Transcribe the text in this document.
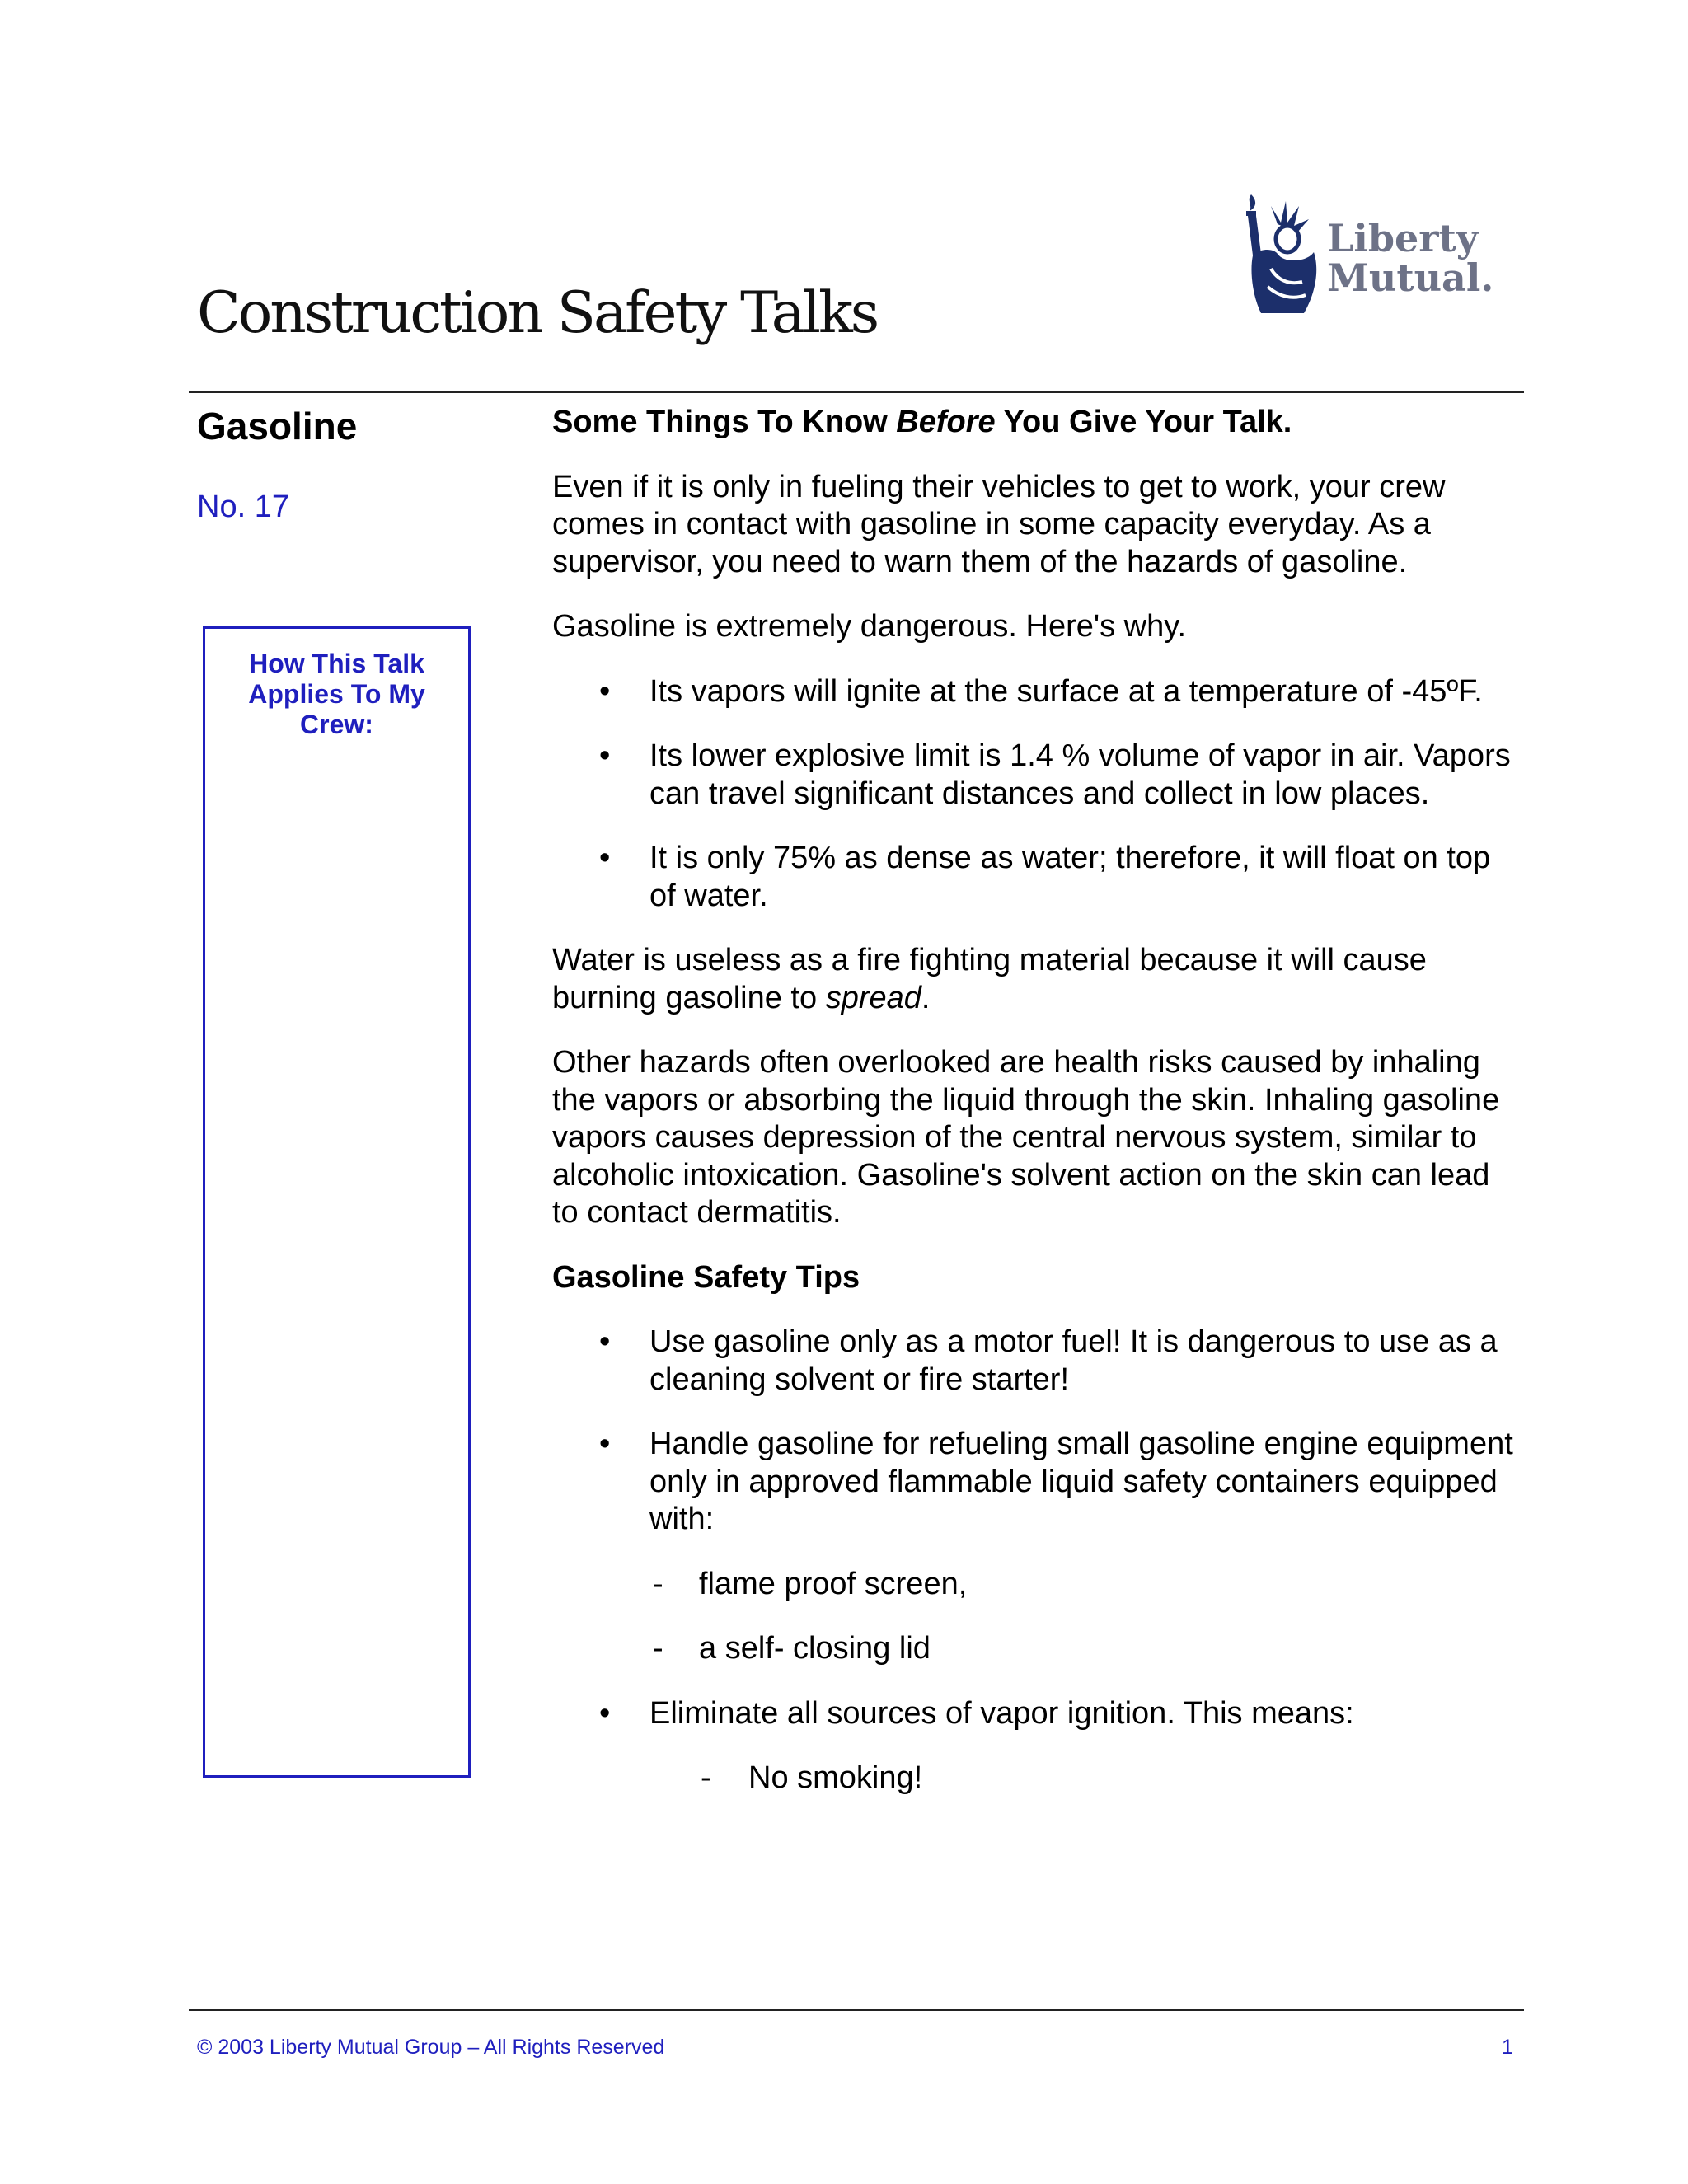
Construction Safety Talks
Liberty
Mutual.
Gasoline
No. 17
How This Talk Applies To My Crew:
Some Things To Know Before You Give Your Talk.

Even if it is only in fueling their vehicles to get to work, your crew comes in contact with gasoline in some capacity everyday. As a supervisor, you need to warn them of the hazards of gasoline.

Gasoline is extremely dangerous. Here's why.

• Its vapors will ignite at the surface at a temperature of -45ºF.
• Its lower explosive limit is 1.4 % volume of vapor in air. Vapors can travel significant distances and collect in low places.
• It is only 75% as dense as water; therefore, it will float on top of water.

Water is useless as a fire fighting material because it will cause burning gasoline to spread.

Other hazards often overlooked are health risks caused by inhaling the vapors or absorbing the liquid through the skin. Inhaling gasoline vapors causes depression of the central nervous system, similar to alcoholic intoxication. Gasoline's solvent action on the skin can lead to contact dermatitis.

Gasoline Safety Tips
• Use gasoline only as a motor fuel! It is dangerous to use as a cleaning solvent or fire starter!
• Handle gasoline for refueling small gasoline engine equipment only in approved flammable liquid safety containers equipped with:
- flame proof screen,
- a self- closing lid
• Eliminate all sources of vapor ignition. This means:
- No smoking!
© 2003 Liberty Mutual Group – All Rights Reserved	1
